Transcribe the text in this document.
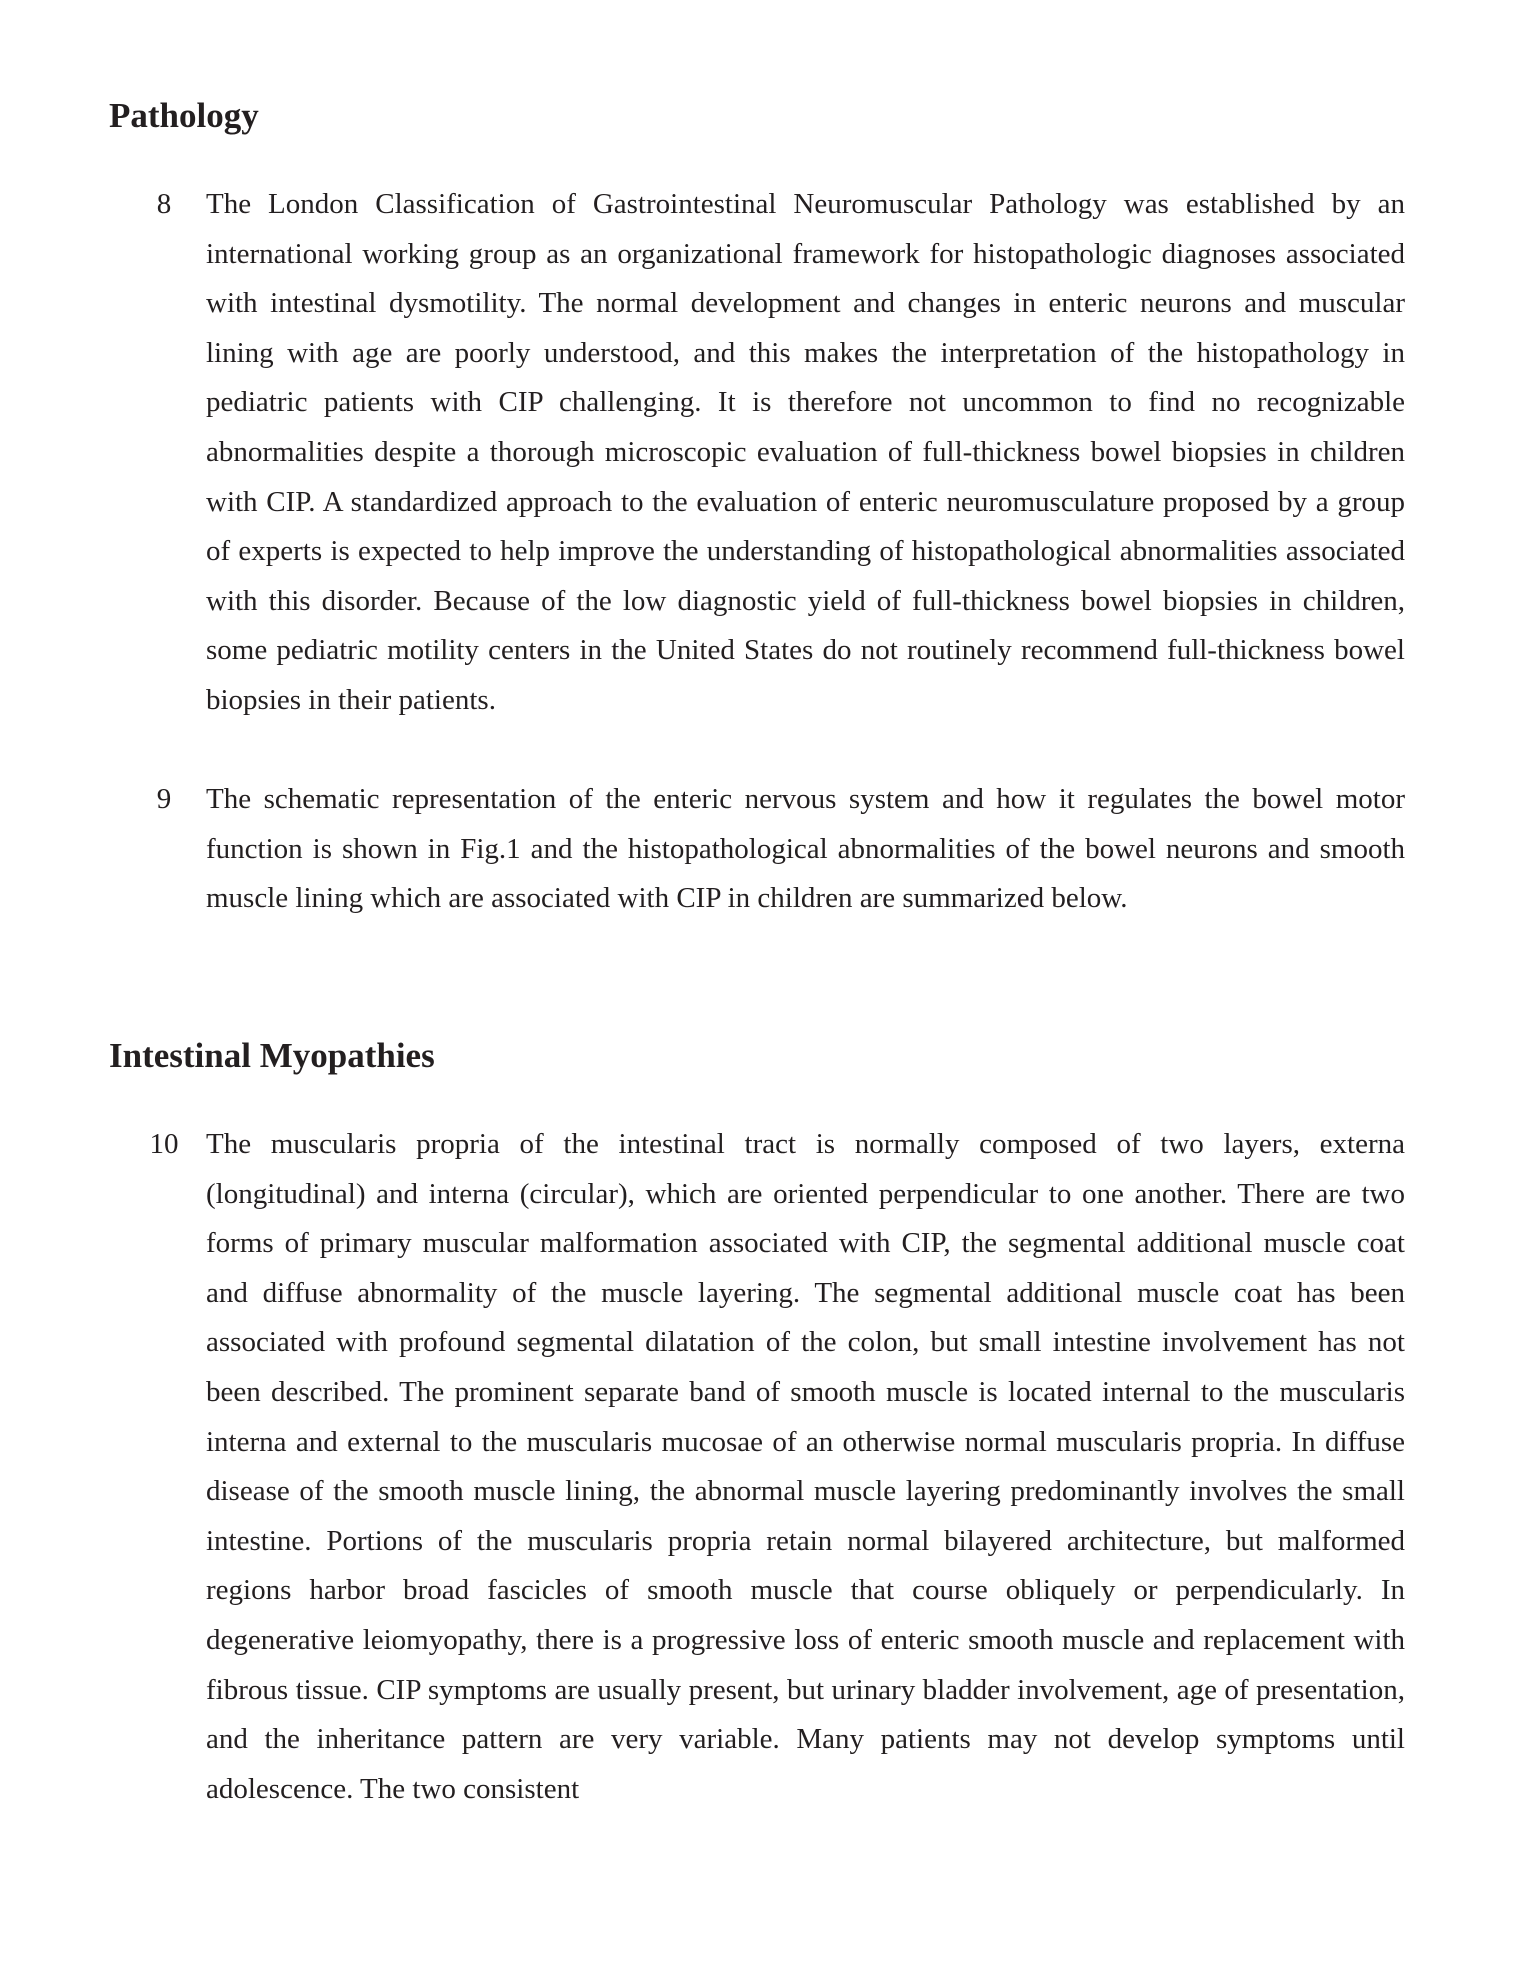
Pathology
8	The London Classification of Gastrointestinal Neuromuscular Pathology was established by an international working group as an organizational framework for histopathologic diagnoses associated with intestinal dysmotility. The normal development and changes in enteric neurons and muscular lining with age are poorly understood, and this makes the interpretation of the histopathology in pediatric patients with CIP challenging. It is therefore not uncommon to find no recognizable abnormalities despite a thorough microscopic evaluation of full-thickness bowel biopsies in children with CIP. A standardized approach to the evaluation of enteric neuromusculature proposed by a group of experts is expected to help improve the understanding of histopathological abnormalities associated with this disorder. Because of the low diagnostic yield of full-thickness bowel biopsies in children, some pediatric motility centers in the United States do not routinely recommend full-thickness bowel biopsies in their patients.

9	The schematic representation of the enteric nervous system and how it regulates the bowel motor function is shown in Fig.1 and the histopathological abnormalities of the bowel neurons and smooth muscle lining which are associated with CIP in children are summarized below.

Intestinal Myopathies
10 The muscularis propria of the intestinal tract is normally composed of two layers, externa (longitudinal) and interna (circular), which are oriented perpendicular to one another. There are two forms of primary muscular malformation associated with CIP, the segmental additional muscle coat and diffuse abnormality of the muscle layering. The segmental additional muscle coat has been associated with profound segmental dilatation of the colon, but small intestine involvement has not been described. The prominent separate band of smooth muscle is located internal to the muscularis interna and external to the muscularis mucosae of an otherwise normal muscularis propria. In diffuse disease of the smooth muscle lining, the abnormal muscle layering predominantly involves the small intestine. Portions of the muscularis propria retain normal bilayered architecture, but malformed regions harbor broad fascicles of smooth muscle that course obliquely or perpendicularly. In degenerative leiomyopathy, there is a progressive loss of enteric smooth muscle and replacement with fibrous tissue. CIP symptoms are usually present, but urinary bladder involvement, age of presentation, and the inheritance pattern are very variable. Many patients may not develop symptoms until adolescence. The two consistent
